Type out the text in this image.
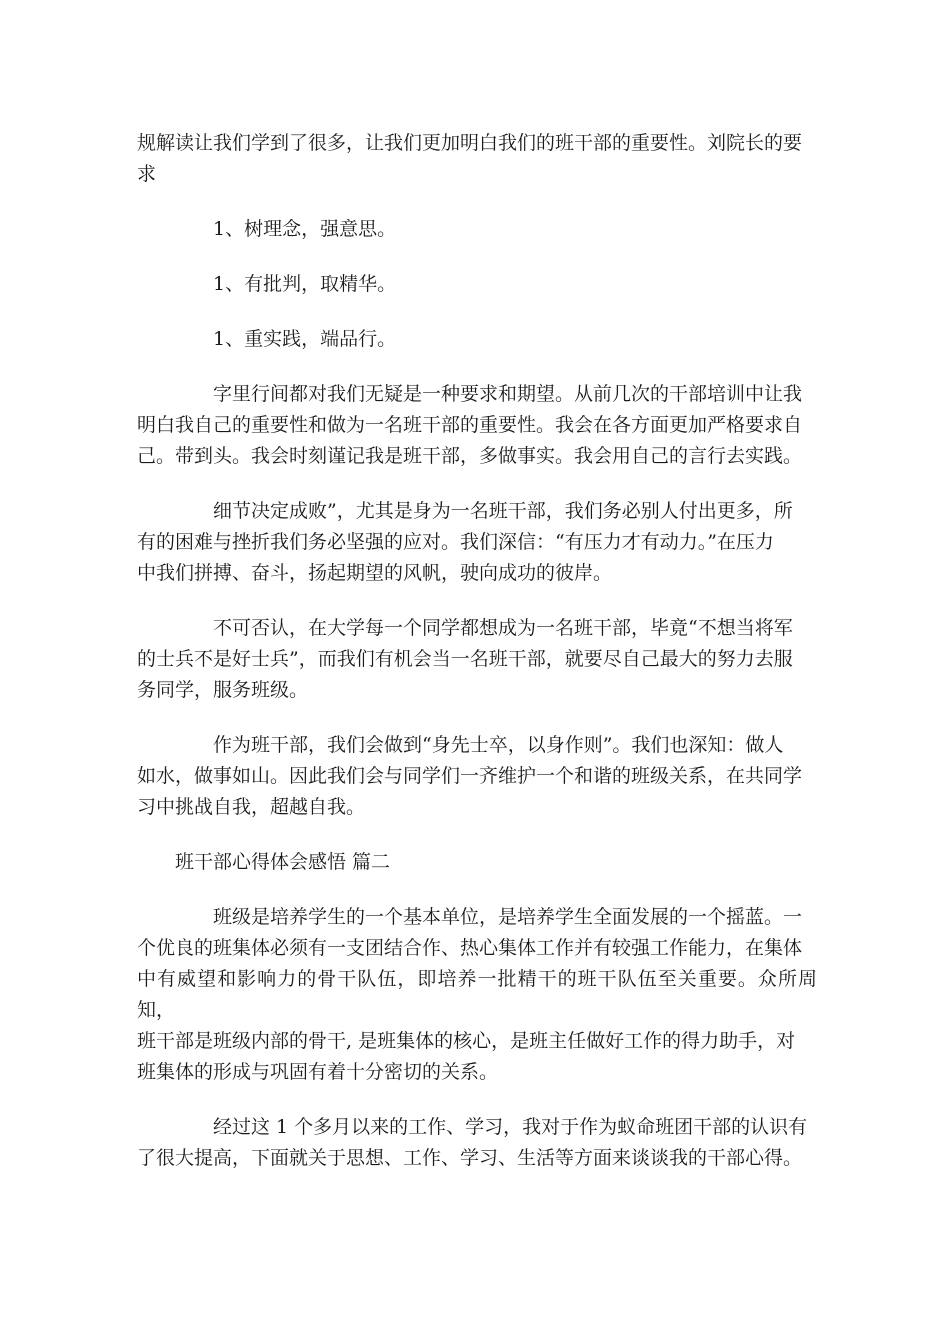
规解读让我们学到了很多，让我们更加明白我们的班干部的重要性。刘院长的要
求

1、树理念，强意思。
1、有批判，取精华。
1、重实践，端品行。

字里行间都对我们无疑是一种要求和期望。从前几次的干部培训中让我
明白我自己的重要性和做为一名班干部的重要性。我会在各方面更加严格要求自
己。带到头。我会时刻谨记我是班干部，多做事实。我会用自己的言行去实践。

细节决定成败”，尤其是身为一名班干部，我们务必别人付出更多，所
有的困难与挫折我们务必坚强的应对。我们深信：“有压力才有动力。”在压力
中我们拼搏、奋斗，扬起期望的风帆，驶向成功的彼岸。

不可否认，在大学每一个同学都想成为一名班干部，毕竟“不想当将军
的士兵不是好士兵”，而我们有机会当一名班干部，就要尽自己最大的努力去服
务同学，服务班级。

作为班干部，我们会做到“身先士卒，以身作则”。我们也深知：做人
如水，做事如山。因此我们会与同学们一齐维护一个和谐的班级关系，在共同学
习中挑战自我，超越自我。

班干部心得体会感悟 篇二

班级是培养学生的一个基本单位，是培养学生全面发展的一个摇蓝。一
个优良的班集体必须有一支团结合作、热心集体工作并有较强工作能力，在集体
中有威望和影响力的骨干队伍，即培养一批精干的班干队伍至关重要。众所周知，
班干部是班级内部的骨干, 是班集体的核心，是班主任做好工作的得力助手，对
班集体的形成与巩固有着十分密切的关系。

经过这 1 个多月以来的工作、学习，我对于作为蚁命班团干部的认识有
了很大提高，下面就关于思想、工作、学习、生活等方面来谈谈我的干部心得。
